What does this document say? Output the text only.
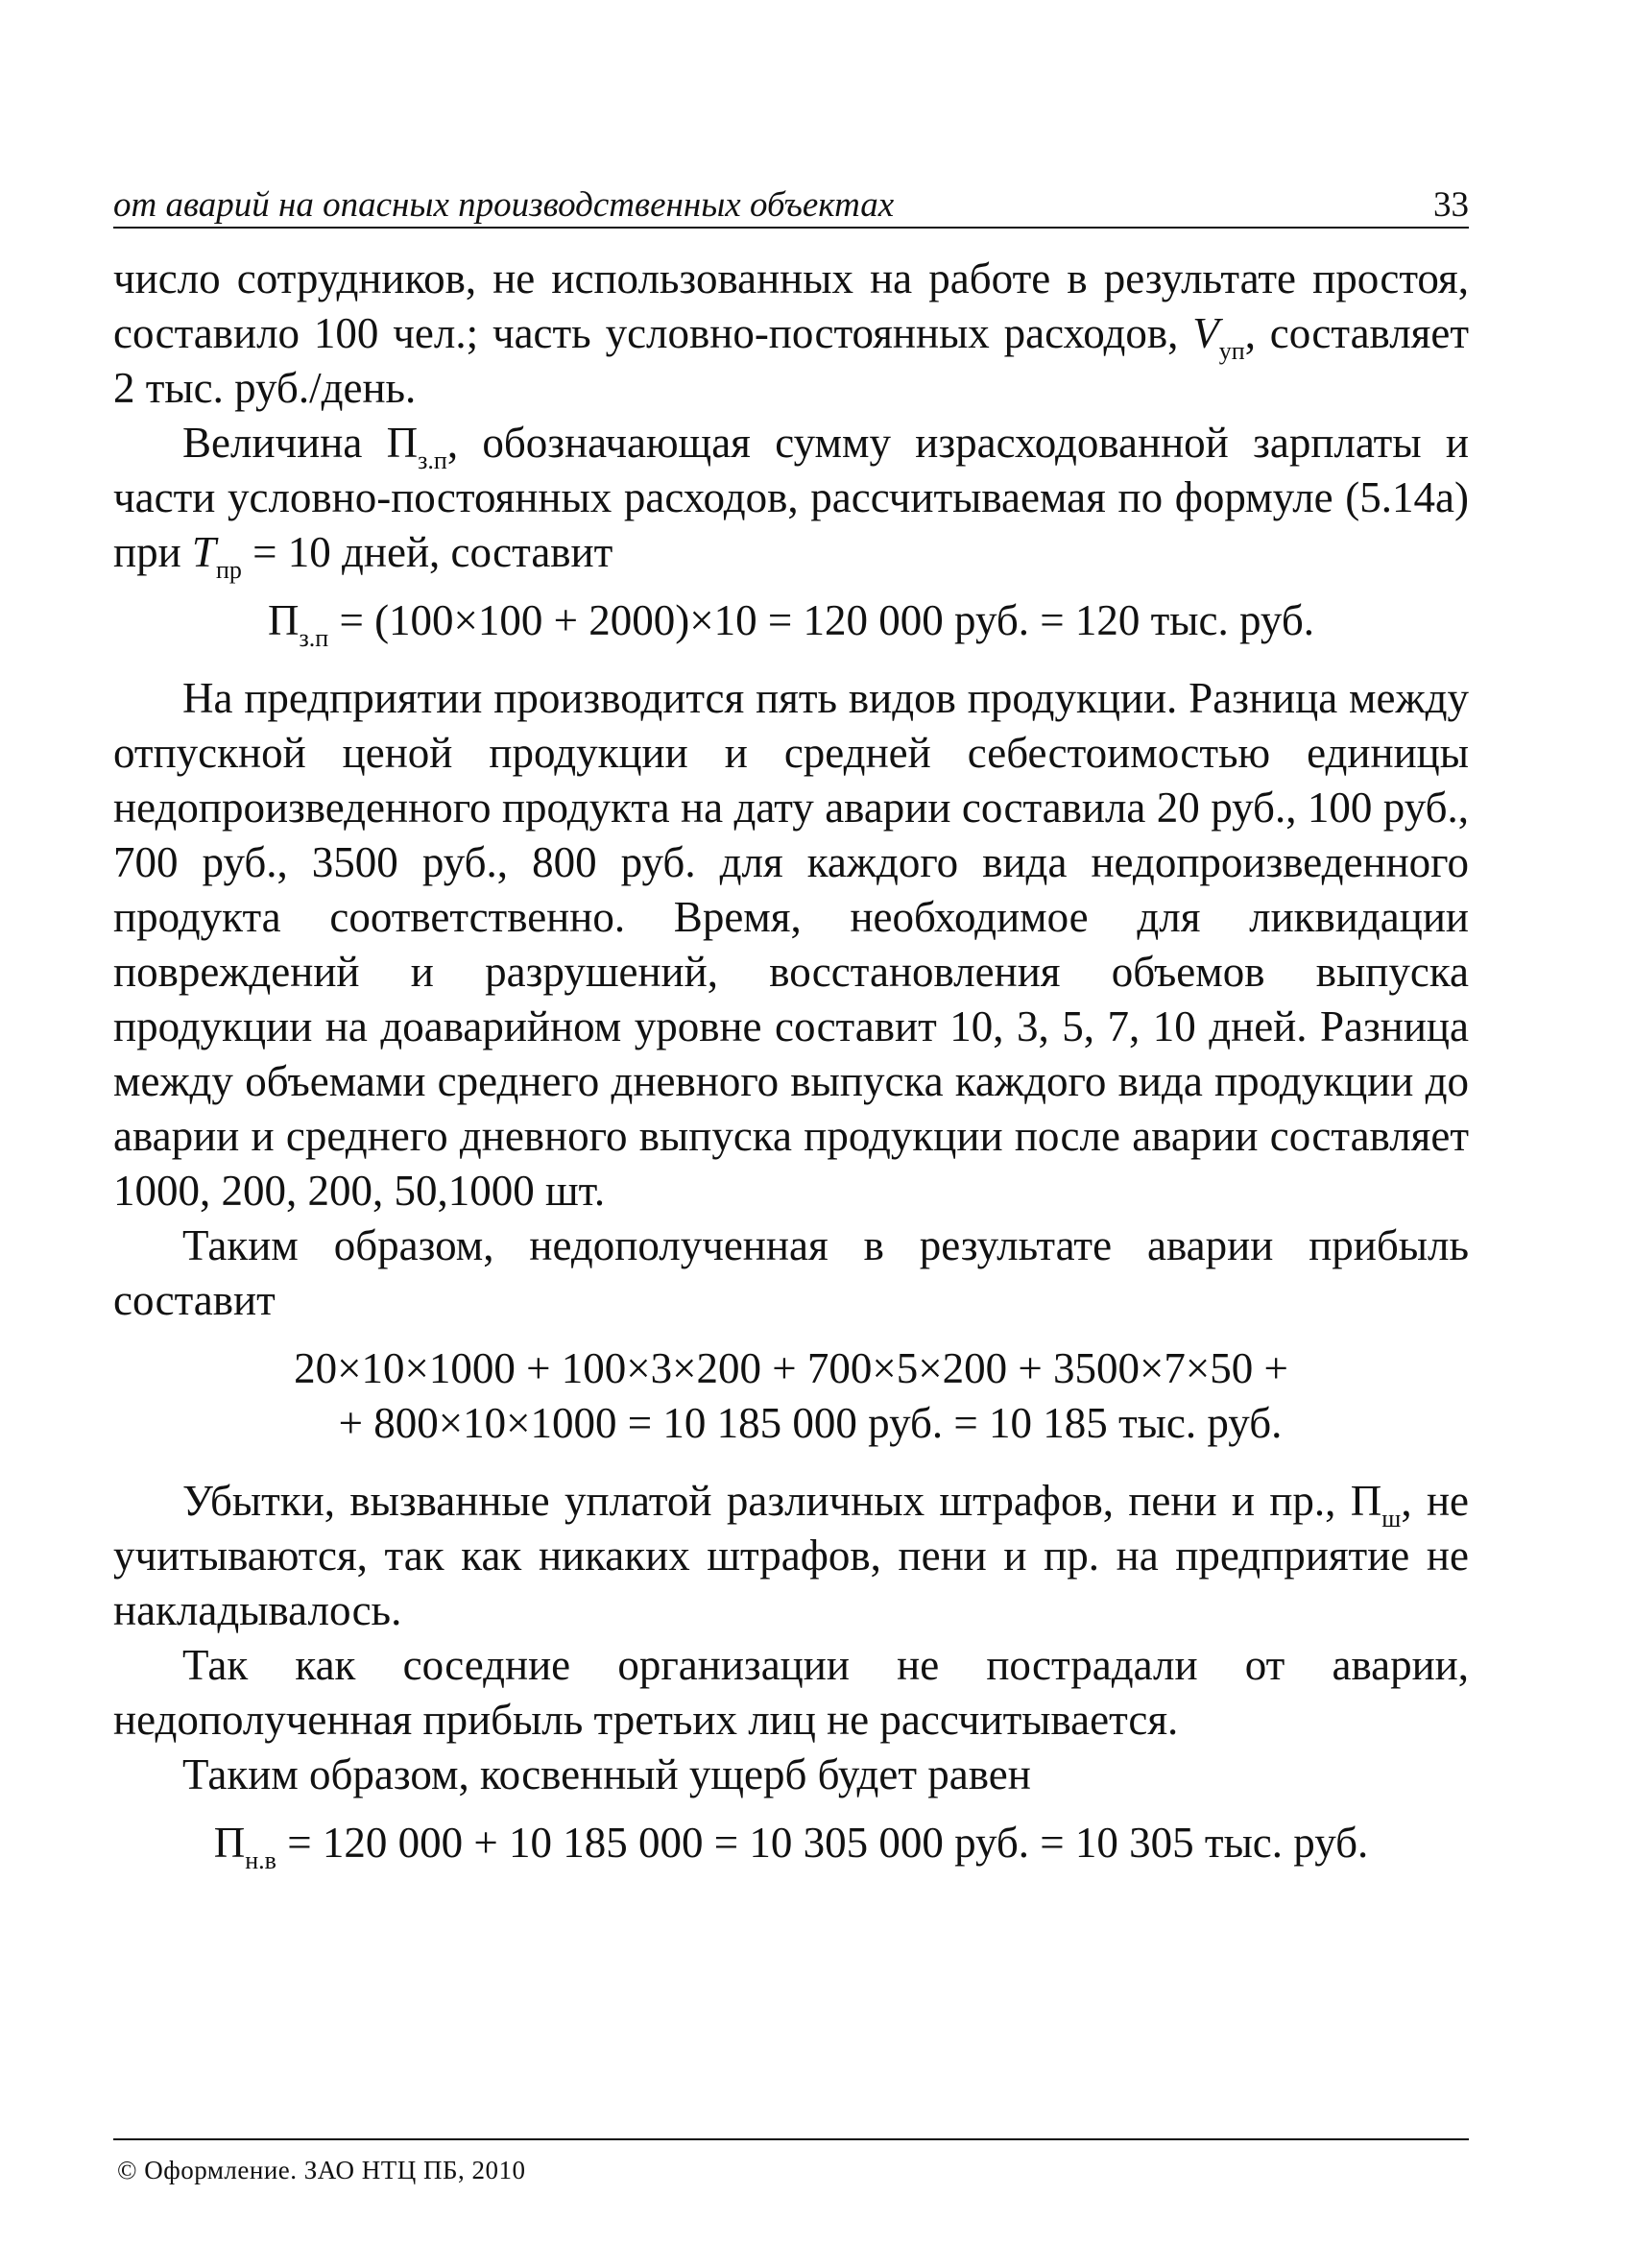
от аварий на опасных производственных объектах	33

число сотрудников, не использованных на работе в результате простоя, составило 100 чел.; часть условно-постоянных расходов, $V_{уп}$, составляет 2 тыс. руб./день.

Величина $П_{з.п}$, обозначающая сумму израсходованной зарплаты и части условно-постоянных расходов, рассчитываемая по формуле (5.14а) при $T_{пр} = 10$ дней, составит

$П_{з.п} = (100\times 100 + 2000)\times 10 = 120$ 000 руб. = 120 тыс. руб.

На предприятии производится пять видов продукции. Разница между отпускной ценой продукции и средней себестоимостью единицы недопроизведенного продукта на дату аварии составила 20 руб., 100 руб., 700 руб., 3500 руб., 800 руб. для каждого вида недопроизведенного продукта соответственно. Время, необходимое для ликвидации повреждений и разрушений, восстановления объемов выпуска продукции на доаварийном уровне составит 10, 3, 5, 7, 10 дней. Разница между объемами среднего дневного выпуска каждого вида продукции до аварии и среднего дневного выпуска продукции после аварии составляет 1000, 200, 200, 50,1000 шт.

Таким образом, недополученная в результате аварии прибыль составит

20×10×1000 + 100×3×200 + 700×5×200 + 3500×7×50 +
+ 800×10×1000 = 10 185 000 руб. = 10 185 тыс. руб.

Убытки, вызванные уплатой различных штрафов, пени и пр., $П_ш$, не учитываются, так как никаких штрафов, пени и пр. на предприятие не накладывалось.

Так как соседние организации не пострадали от аварии, недополученная прибыль третьих лиц не рассчитывается.

Таким образом, косвенный ущерб будет равен

$П_{н.в} = 120$ 000 + 10 185 000 = 10 305 000 руб. = 10 305 тыс. руб.
© Оформление. ЗАО НТЦ ПБ, 2010
